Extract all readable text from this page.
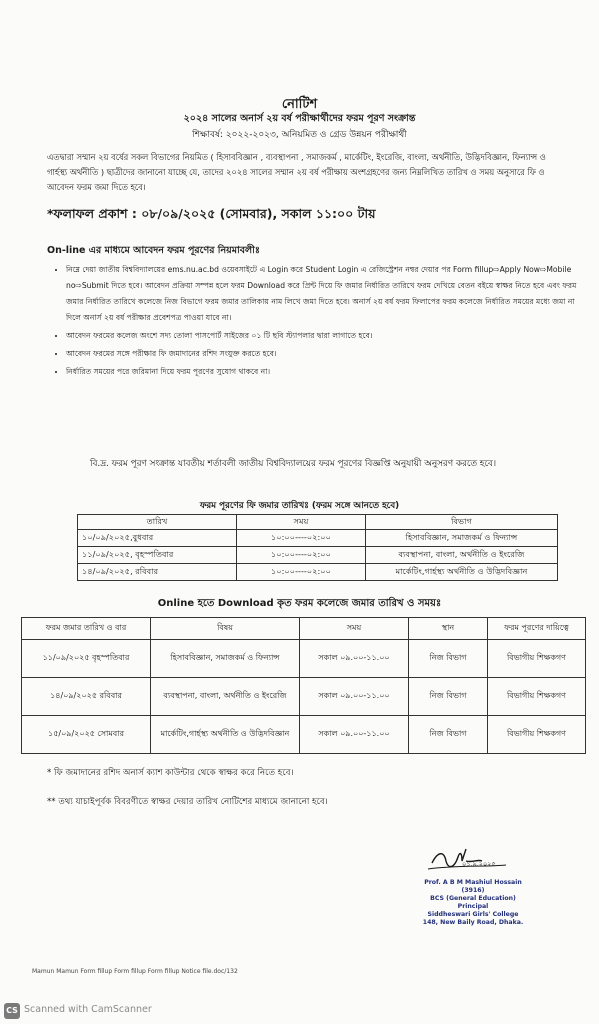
নোটিশ
২০২৪ সালের অনার্স ২য় বর্ষ পরীক্ষার্থীদের ফরম পূরণ সংক্রান্ত
শিক্ষাবর্ষ: ২০২২-২০২৩, অনিয়মিত ও গ্রেড উন্নয়ন পরীক্ষার্থী
এতদ্বারা সম্মান ২য় বর্ষের সকল বিভাগের নিয়মিত ( হিসাববিজ্ঞান , ব্যবস্থাপনা , সমাজকর্ম , মার্কেটিং, ইংরেজি, বাংলা, অর্থনীতি, উদ্ভিদবিজ্ঞান, ফিন্যান্স ও গার্হস্থ্য অর্থনীতি ) ছাত্রীদের জানানো যাচ্ছে যে, তাদের ২০২৪ সালের সম্মান ২য় বর্ষ পরীক্ষায় অংশগ্রহণের জন্য নিম্নলিখিত তারিখ ও সময় অনুসারে ফি ও আবেদন ফরম জমা দিতে হবে।
*ফলাফল প্রকাশ : ০৮/০৯/২০২৫ (সোমবার), সকাল ১১:০০ টায়
On-line এর মাধ্যমে আবেদন ফরম পূরণের নিয়মাবলীঃ
• নিম্নে দেয়া জাতীয় বিশ্ববিদ্যালয়ের ems.nu.ac.bd ওয়েবসাইটে এ Login করে Student Login এ রেজিস্ট্রেশন নম্বর দেয়ার পর Form fillup⇨Apply Now⇨Mobile no⇨Submit দিতে হবে। আবেদন প্রক্রিয়া সম্পন্ন হলে ফরম Download করে প্রিন্ট দিয়ে ফি জমার নির্ধারিত তারিখে ফরম দেখিয়ে বেতন বইয়ে স্বাক্ষর নিতে হবে এবং ফরম জমার নির্ধারিত তারিখে কলেজে নিজ বিভাগে ফরম জমার তালিকায় নাম লিখে জমা দিতে হবে। অনার্স ২য় বর্ষ ফরম ফিলাপের ফরম কলেজে নির্ধারিত সময়ের মধ্যে জমা না দিলে অনার্স ২য় বর্ষ পরীক্ষার প্রবেশপত্র পাওয়া যাবে না।
• আবেদন ফরমের কলেজ অংশে সদ্য তোলা পাসপোর্ট সাইজের ০১ টি ছবি স্ট্যাপলার দ্বারা লাগাতে হবে।
• আবেদন ফরমের সঙ্গে পরীক্ষার ফি জমাদানের রশিদ সংযুক্ত করতে হবে।
• নির্ধারিত সময়ের পরে জরিমানা দিয়ে ফরম পূরণের সুযোগ থাকবে না।
বি.দ্র. ফরম পূরণ সংক্রান্ত যাবতীয় শর্তাবলী জাতীয় বিশ্ববিদ্যালয়ের ফরম পূরণের বিজ্ঞপ্তি অনুযায়ী অনুসরণ করতে হবে।
ফরম পূরণের ফি জমার তারিখঃ (ফরম সঙ্গে আনতে হবে)
তারিখ	সময়	বিভাগ
১০/০৯/২০২৫,বুধবার	১০:০০----০২:০০	হিসাববিজ্ঞান, সমাজকর্ম ও ফিন্যান্স
১১/০৯/২০২৫, বৃহস্পতিবার	১০:০০----০২:০০	ব্যবস্থাপনা, বাংলা, অর্থনীতি ও ইংরেজি
১৪/০৯/২০২৫, রবিবার	১০:০০----০২:০০	মার্কেটিং,গার্হস্থ্য অর্থনীতি ও উদ্ভিদবিজ্ঞান
Online হতে Download কৃত ফরম কলেজে জমার তারিখ ও সময়ঃ
ফরম জমার তারিখ ও বার	বিষয়	সময়	স্থান	ফরম পূরণের দায়িত্বে
১১/০৯/২০২৫ বৃহস্পতিবার	হিসাববিজ্ঞান, সমাজকর্ম ও ফিন্যান্স	সকাল ০৯.০০-১১.০০	নিজ বিভাগ	বিভাগীয় শিক্ষকগণ
১৪/০৯/২০২৫ রবিবার	ব্যবস্থাপনা, বাংলা, অর্থনীতি ও ইংরেজি	সকাল ০৯.০০-১১.০০	নিজ বিভাগ	বিভাগীয় শিক্ষকগণ
১৫/০৯/২০২৫ সোমবার	মার্কেটিং,গার্হস্থ্য অর্থনীতি ও উদ্ভিদবিজ্ঞান	সকাল ০৯.০০-১১.০০	নিজ বিভাগ	বিভাগীয় শিক্ষকগণ
* ফি জমাদানের রশিদ অনার্স ক্যাশ কাউন্টার থেকে স্বাক্ষর করে নিতে হবে।
** তথ্য যাচাইপূর্বক বিবরণীতে স্বাক্ষর দেয়ার তারিখ নোটিশের মাধ্যমে জানানো হবে।
০১.৯.২০২৫
Prof. A B M Mashiul Hossain (3916)
BCS (General Education)
Principal
Siddheswari Girls' College
148, New Baily Road, Dhaka.
Mamun Mamun Form fillup Form fillup Form fillup Notice file.doc/132
CS Scanned with CamScanner
